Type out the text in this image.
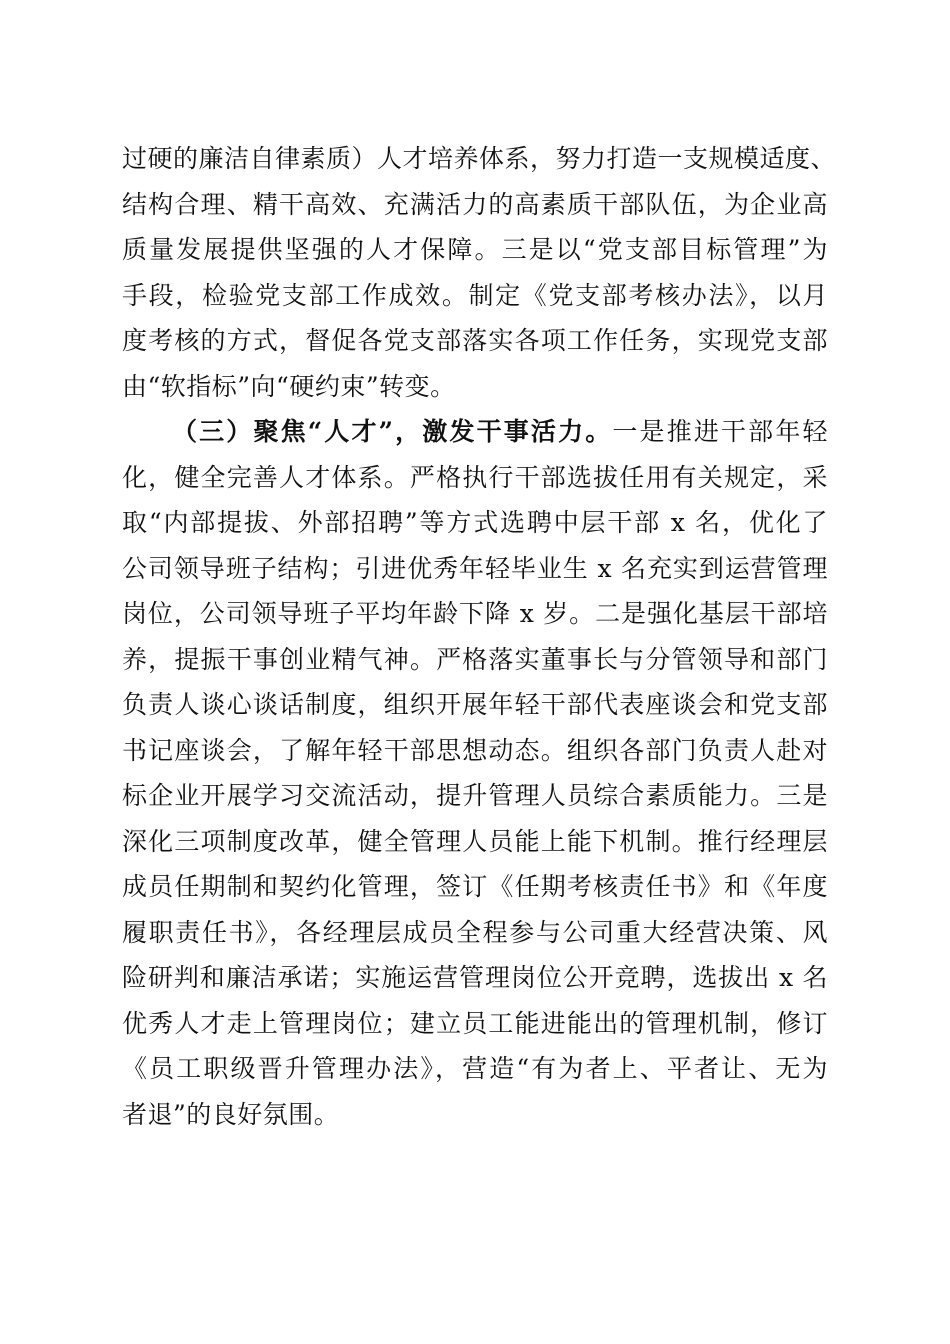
过硬的廉洁自律素质）人才培养体系，努力打造一支规模适度、
结构合理、精干高效、充满活力的高素质干部队伍，为企业高
质量发展提供坚强的人才保障。三是以“党支部目标管理”为
手段，检验党支部工作成效。制定《党支部考核办法》，以月
度考核的方式，督促各党支部落实各项工作任务，实现党支部
由“软指标”向“硬约束”转变。
（三）聚焦“人才”，激发干事活力。一是推进干部年轻
化，健全完善人才体系。严格执行干部选拔任用有关规定，采
取“内部提拔、外部招聘”等方式选聘中层干部 x 名，优化了
公司领导班子结构；引进优秀年轻毕业生 x 名充实到运营管理
岗位，公司领导班子平均年龄下降 x 岁。二是强化基层干部培
养，提振干事创业精气神。严格落实董事长与分管领导和部门
负责人谈心谈话制度，组织开展年轻干部代表座谈会和党支部
书记座谈会，了解年轻干部思想动态。组织各部门负责人赴对
标企业开展学习交流活动，提升管理人员综合素质能力。三是
深化三项制度改革，健全管理人员能上能下机制。推行经理层
成员任期制和契约化管理，签订《任期考核责任书》和《年度
履职责任书》，各经理层成员全程参与公司重大经营决策、风
险研判和廉洁承诺；实施运营管理岗位公开竞聘，选拔出 x 名
优秀人才走上管理岗位；建立员工能进能出的管理机制，修订
《员工职级晋升管理办法》，营造“有为者上、平者让、无为
者退”的良好氛围。
